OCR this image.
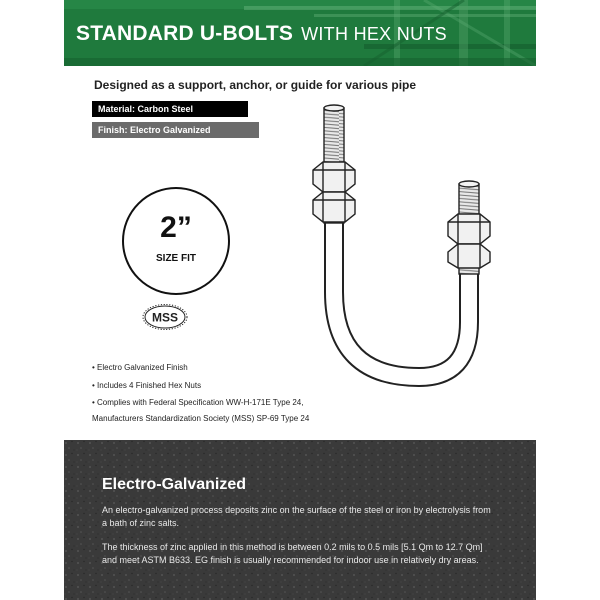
STANDARD U-BOLTS WITH HEX NUTS
Designed as a support, anchor, or guide for various pipe
Material: Carbon Steel
Finish: Electro Galvanized
2”
SIZE FIT
MSS
• Electro Galvanized Finish
• Includes 4 Finished Hex Nuts
• Complies with Federal Specification WW-H-171E Type 24,
Manufacturers Standardization Society (MSS) SP-69 Type 24
Electro-Galvanized

An electro-galvanized process deposits zinc on the surface of the steel or iron by electrolysis from a bath of zinc salts.

The thickness of zinc applied in this method is between 0.2 mils to 0.5 mils [5.1 Qm to 12.7 Qm] and meet ASTM B633. EG finish is usually recommended for indoor use in relatively dry areas.
